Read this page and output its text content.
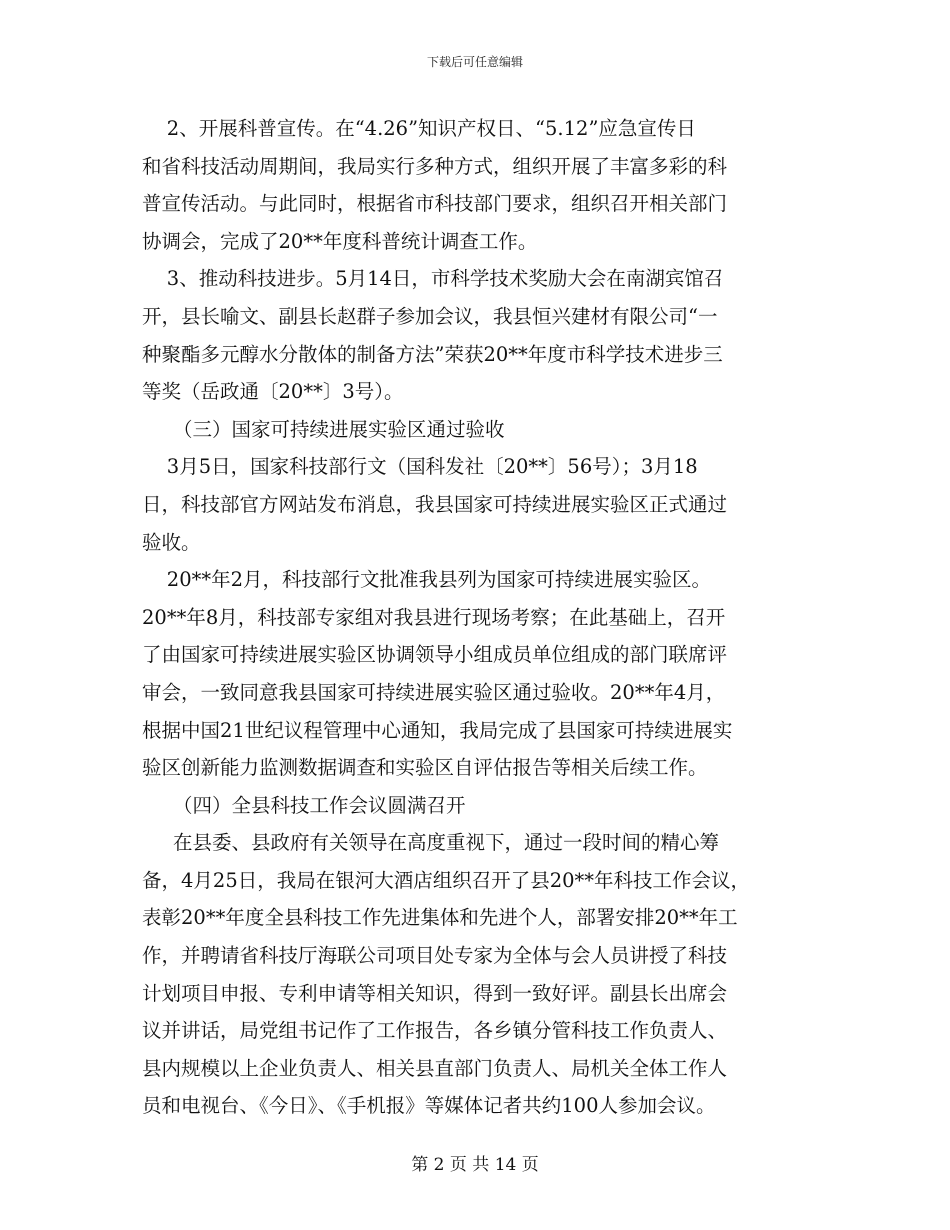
下载后可任意编辑

2、开展科普宣传。在“4.26”知识产权日、“5.12”应急宣传日

和省科技活动周期间，我局实行多种方式，组织开展了丰富多彩的科

普宣传活动。与此同时，根据省市科技部门要求，组织召开相关部门

协调会，完成了20**年度科普统计调查工作。

3、推动科技进步。5月14日，市科学技术奖励大会在南湖宾馆召

开，县长喻文、副县长赵群子参加会议，我县恒兴建材有限公司“一

种聚酯多元醇水分散体的制备方法”荣获20**年度市科学技术进步三

等奖（岳政通〔20**〕3号）。

（三）国家可持续进展实验区通过验收

3月5日，国家科技部行文（国科发社〔20**〕56号）；3月18

日，科技部官方网站发布消息，我县国家可持续进展实验区正式通过

验收。

20**年2月，科技部行文批准我县列为国家可持续进展实验区。

20**年8月，科技部专家组对我县进行现场考察；在此基础上，召开

了由国家可持续进展实验区协调领导小组成员单位组成的部门联席评

审会，一致同意我县国家可持续进展实验区通过验收。20**年4月，

根据中国21世纪议程管理中心通知，我局完成了县国家可持续进展实

验区创新能力监测数据调查和实验区自评估报告等相关后续工作。

（四）全县科技工作会议圆满召开

在县委、县政府有关领导在高度重视下，通过一段时间的精心筹

备，4月25日，我局在银河大酒店组织召开了县20**年科技工作会议，

表彰20**年度全县科技工作先进集体和先进个人，部署安排20**年工

作，并聘请省科技厅海联公司项目处专家为全体与会人员讲授了科技

计划项目申报、专利申请等相关知识，得到一致好评。副县长出席会

议并讲话，局党组书记作了工作报告，各乡镇分管科技工作负责人、

县内规模以上企业负责人、相关县直部门负责人、局机关全体工作人

员和电视台、《今日》、《手机报》等媒体记者共约100人参加会议。

第 2 页 共 14 页
